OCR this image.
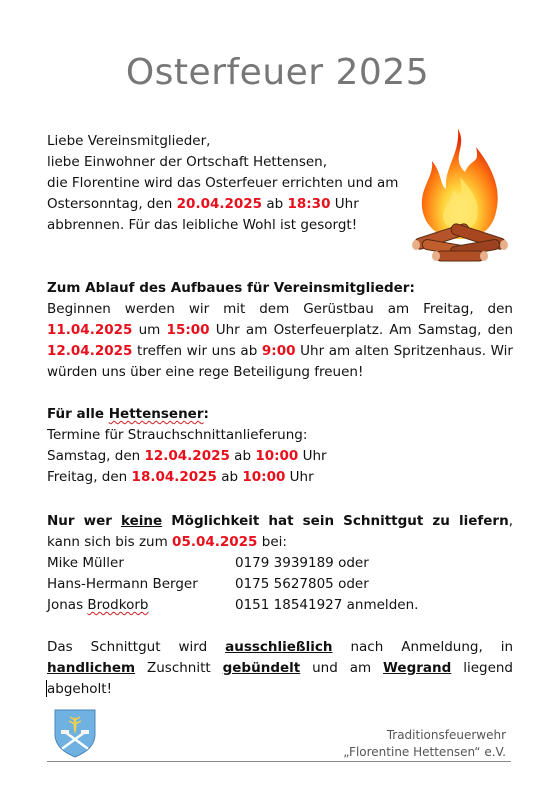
Osterfeuer 2025
Liebe Vereinsmitglieder,
liebe Einwohner der Ortschaft Hettensen,
die Florentine wird das Osterfeuer errichten und am
Ostersonntag, den 20.04.2025 ab 18:30 Uhr
abbrennen. Für das leibliche Wohl ist gesorgt!
Zum Ablauf des Aufbaues für Vereinsmitglieder:
Beginnen werden wir mit dem Gerüstbau am Freitag, den 11.04.2025 um 15:00 Uhr am Osterfeuerplatz. Am Samstag, den 12.04.2025 treffen wir uns ab 9:00 Uhr am alten Spritzenhaus. Wir würden uns über eine rege Beteiligung freuen!
Für alle Hettensener:
Termine für Strauchschnittanlieferung:
Samstag, den 12.04.2025 ab 10:00 Uhr
Freitag, den 18.04.2025 ab 10:00 Uhr
Nur wer keine Möglichkeit hat sein Schnittgut zu liefern, kann sich bis zum 05.04.2025 bei:
Mike Müller	0179 3939189 oder
Hans-Hermann Berger	0175 5627805 oder
Jonas Brodkorb	0151 18541927 anmelden.
Das Schnittgut wird ausschließlich nach Anmeldung, in handlichem Zuschnitt gebündelt und am Wegrand liegend abgeholt!
Traditionsfeuerwehr
„Florentine Hettensen“ e.V.
